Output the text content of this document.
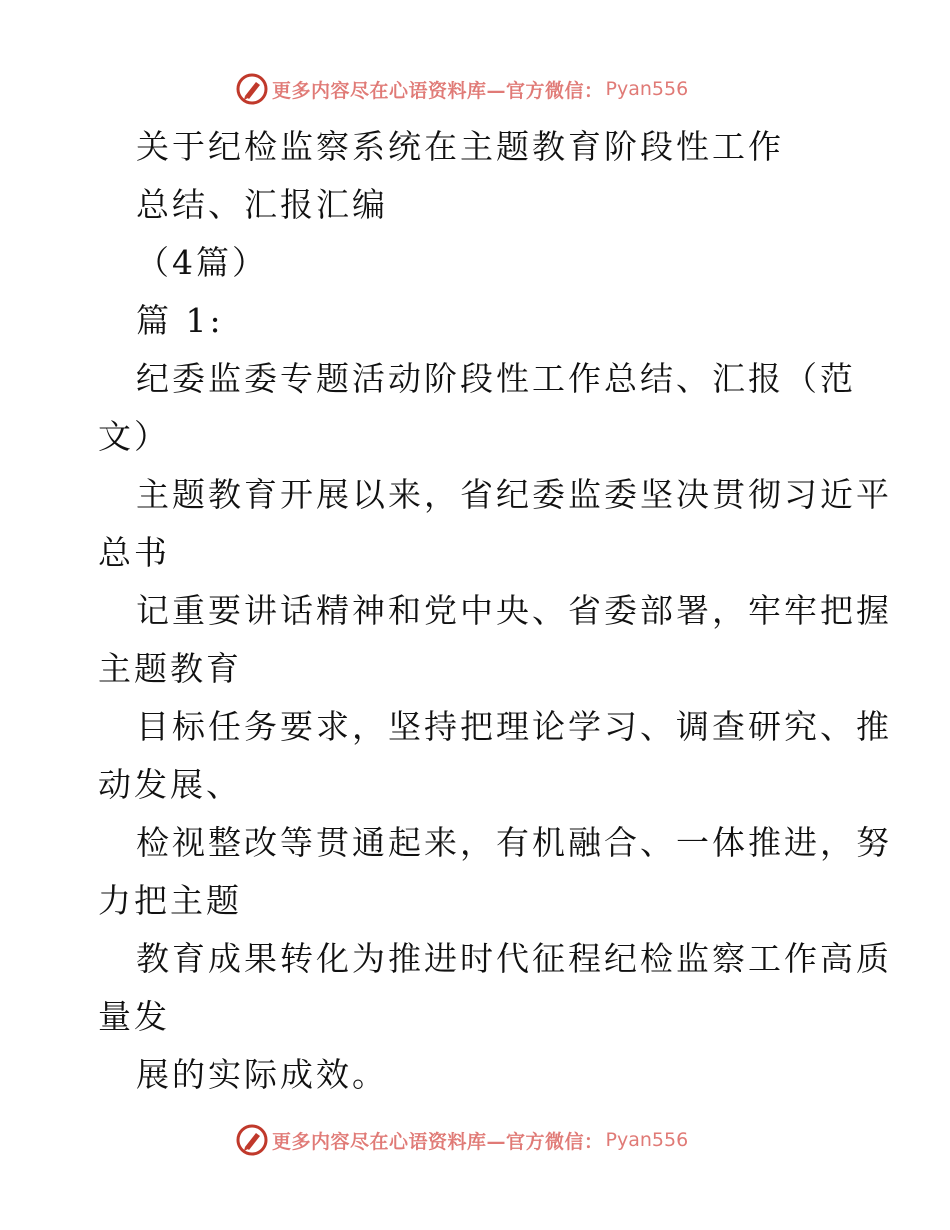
更多内容尽在心语资料库—官方微信： Pyan556
关于纪检监察系统在主题教育阶段性工作
总结、汇报汇编
（4篇）
篇 1:
纪委监委专题活动阶段性工作总结、汇报（范
文）
主题教育开展以来，省纪委监委坚决贯彻习近平
总书
记重要讲话精神和党中央、省委部署，牢牢把握
主题教育
目标任务要求，坚持把理论学习、调查研究、推
动发展、
检视整改等贯通起来，有机融合、一体推进，努
力把主题
教育成果转化为推进时代征程纪检监察工作高质
量发
展的实际成效。
更多内容尽在心语资料库—官方微信： Pyan556
